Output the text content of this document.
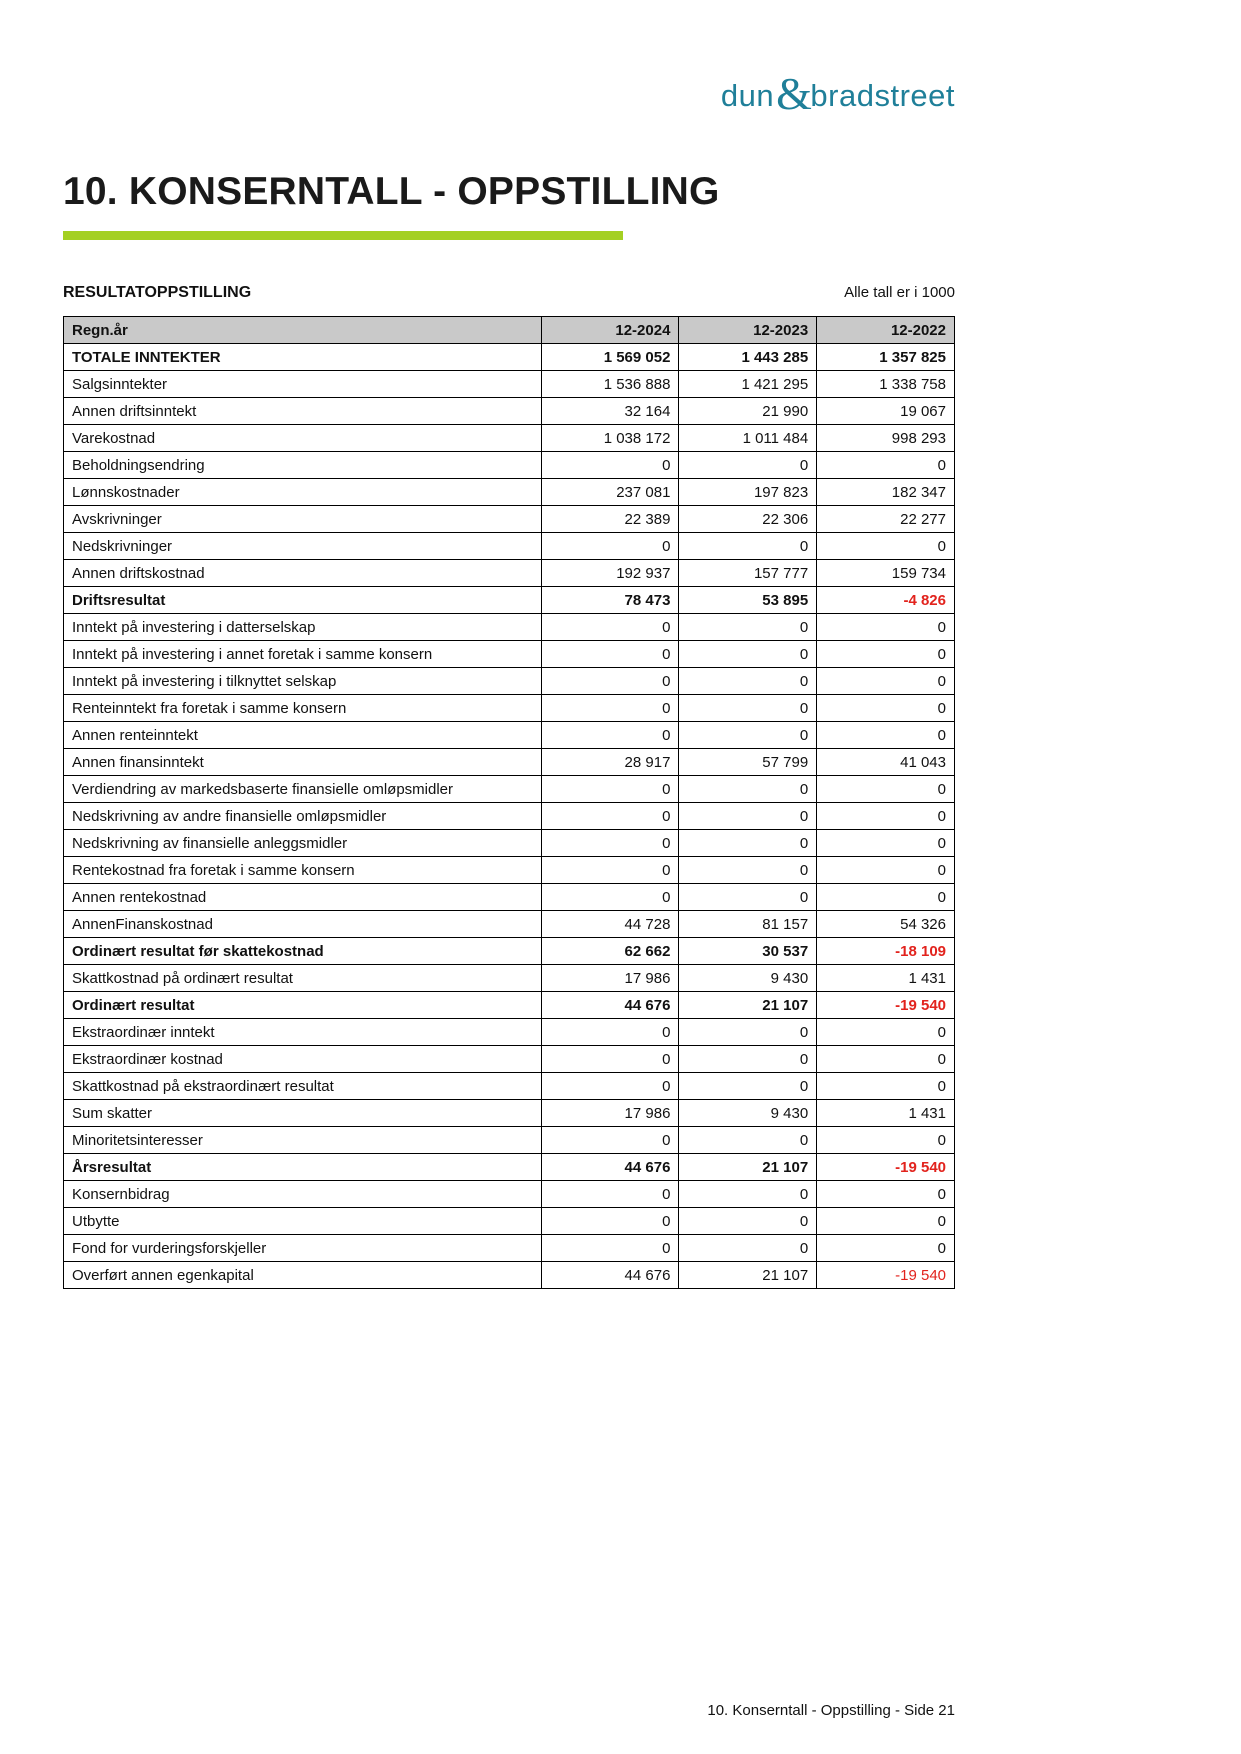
dun &
bradstreet
10. KONSERNTALL - OPPSTILLING
RESULTATOPPSTILLING	Alle tall er i 1000
Regn.år	12-2024	12-2023	12-2022
TOTALE INNTEKTER	1 569 052	1 443 285	1 357 825
Salgsinntekter	1 536 888	1 421 295	1 338 758
Annen driftsinntekt	32 164	21 990	19 067
Varekostnad	1 038 172	1 011 484	998 293
Beholdningsendring	0	0	0
Lønnskostnader	237 081	197 823	182 347
Avskrivninger	22 389	22 306	22 277
Nedskrivninger	0	0	0
Annen driftskostnad	192 937	157 777	159 734
Driftsresultat	78 473	53 895	-4 826
Inntekt på investering i datterselskap	0	0	0
Inntekt på investering i annet foretak i samme konsern	0	0	0
Inntekt på investering i tilknyttet selskap	0	0	0
Renteinntekt fra foretak i samme konsern	0	0	0
Annen renteinntekt	0	0	0
Annen finansinntekt	28 917	57 799	41 043
Verdiendring av markedsbaserte finansielle omløpsmidler	0	0	0
Nedskrivning av andre finansielle omløpsmidler	0	0	0
Nedskrivning av finansielle anleggsmidler	0	0	0
Rentekostnad fra foretak i samme konsern	0	0	0
Annen rentekostnad	0	0	0
AnnenFinanskostnad	44 728	81 157	54 326
Ordinært resultat før skattekostnad	62 662	30 537	-18 109
Skattkostnad på ordinært resultat	17 986	9 430	1 431
Ordinært resultat	44 676	21 107	-19 540
Ekstraordinær inntekt	0	0	0
Ekstraordinær kostnad	0	0	0
Skattkostnad på ekstraordinært resultat	0	0	0
Sum skatter	17 986	9 430	1 431
Minoritetsinteresser	0	0	0
Årsresultat	44 676	21 107	-19 540
Konsernbidrag	0	0	0
Utbytte	0	0	0
Fond for vurderingsforskjeller	0	0	0
Overført annen egenkapital	44 676	21 107	-19 540
10. Konserntall - Oppstilling - Side 21
